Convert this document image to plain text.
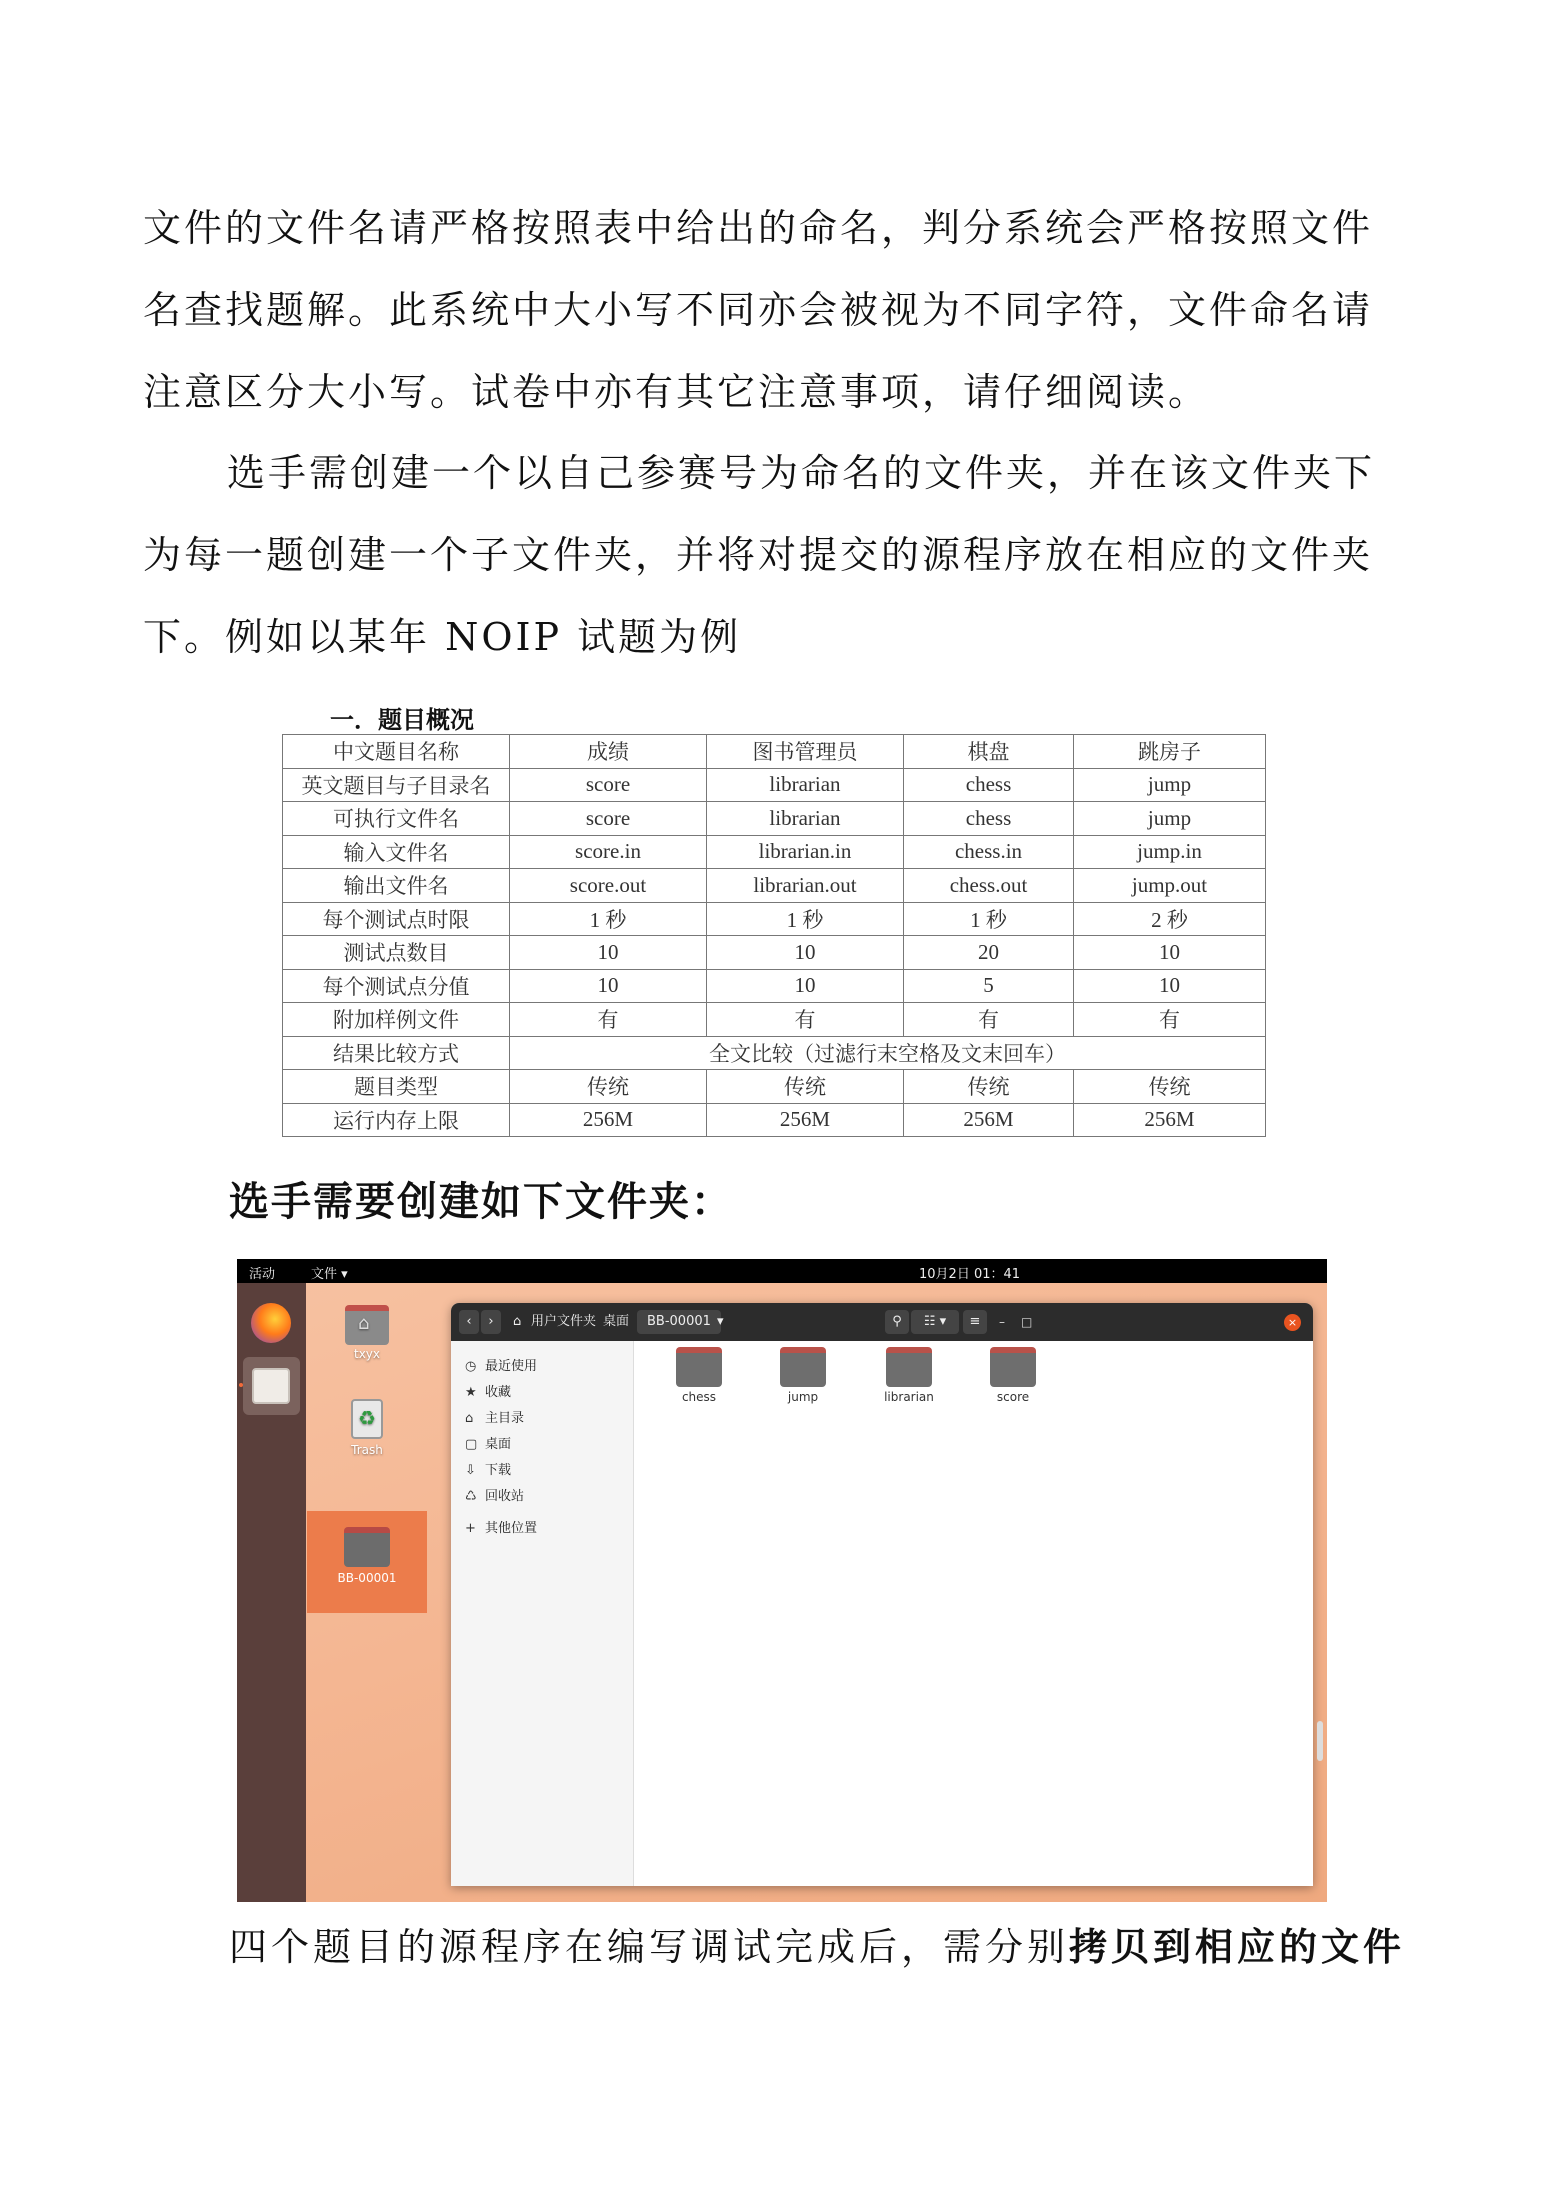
文件的文件名请严格按照表中给出的命名，判分系统会严格按照文件名查找题解。此系统中大小写不同亦会被视为不同字符，文件命名请注意区分大小写。试卷中亦有其它注意事项，请仔细阅读。

选手需创建一个以自己参赛号为命名的文件夹，并在该文件夹下为每一题创建一个子文件夹，并将对提交的源程序放在相应的文件夹下。例如以某年 NOIP 试题为例

一．题目概况
中文题目名称	成绩	图书管理员	棋盘	跳房子
英文题目与子目录名	score	librarian	chess	jump
可执行文件名	score	librarian	chess	jump
输入文件名	score.in	librarian.in	chess.in	jump.in
输出文件名	score.out	librarian.out	chess.out	jump.out
每个测试点时限	1 秒	1 秒	1 秒	2 秒
测试点数目	10	10	20	10
每个测试点分值	10	10	5	10
附加样例文件	有	有	有	有
结果比较方式	全文比较（过滤行末空格及文末回车）			
题目类型	传统	传统	传统	传统
运行内存上限	256M	256M	256M	256M
选手需要创建如下文件夹：
活动	文件 ▾	10月2日 01：41
⌂
txyx
♻
Trash
BB-00001
‹	›	⌂ 用户文件夹 桌面	BB-00001 ▾	⚲	☷ ▾	≡	– □	×
◷ 最近使用
★ 收藏
⌂ 主目录
▢ 桌面
⇩ 下载
♺ 回收站
+ 其他位置
chess	jump	librarian	score

四个题目的源程序在编写调试完成后，需分别拷贝到相应的文件
